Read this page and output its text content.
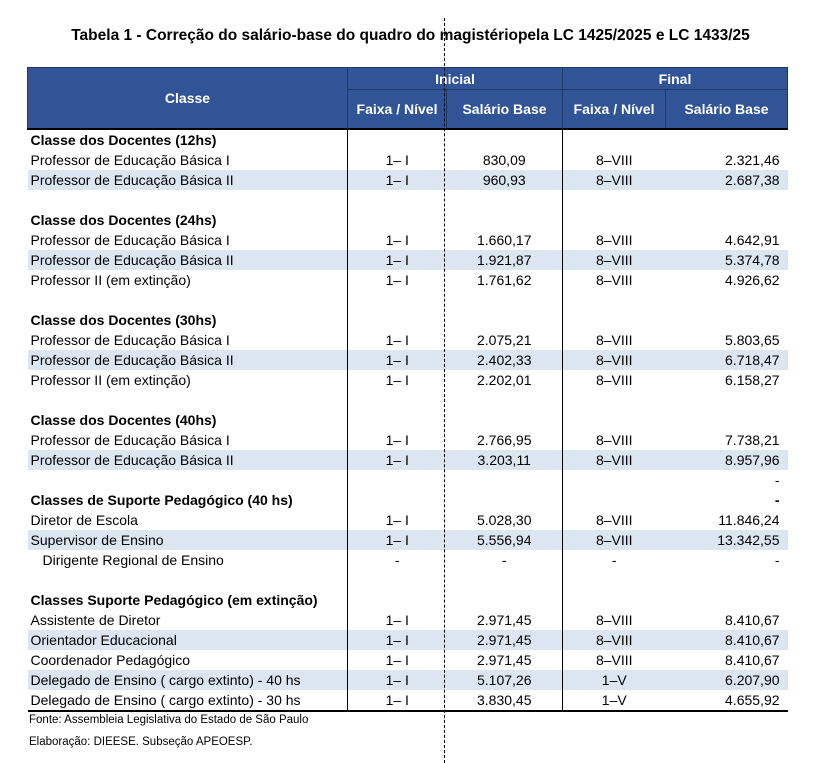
Tabela 1 - Correção do salário-base do quadro do magistériopela LC 1425/2025 e LC 1433/25
Classe	Inicial		Final	
	Faixa / Nível	Salário Base	Faixa / Nível	Salário Base
Classe dos Docentes (12hs)				
Professor de Educação Básica I	1– I	830,09	8–VIII	2.321,46
Professor de Educação Básica II	1– I	960,93	8–VIII	2.687,38

Classe dos Docentes (24hs)				
Professor de Educação Básica I	1– I	1.660,17	8–VIII	4.642,91
Professor de Educação Básica II	1– I	1.921,87	8–VIII	5.374,78
Professor II (em extinção)	1– I	1.761,62	8–VIII	4.926,62

Classe dos Docentes (30hs)				
Professor de Educação Básica I	1– I	2.075,21	8–VIII	5.803,65
Professor de Educação Básica II	1– I	2.402,33	8–VIII	6.718,47
Professor II (em extinção)	1– I	2.202,01	8–VIII	6.158,27

Classe dos Docentes (40hs)				
Professor de Educação Básica I	1– I	2.766,95	8–VIII	7.738,21
Professor de Educação Básica II	1– I	3.203,11	8–VIII	8.957,96
				-
Classes de Suporte Pedagógico (40 hs)				-
Diretor de Escola	1– I	5.028,30	8–VIII	11.846,24
Supervisor de Ensino	1– I	5.556,94	8–VIII	13.342,55
Dirigente Regional de Ensino	-	-	-	-

Classes Suporte Pedagógico (em extinção)				
Assistente de Diretor	1– I	2.971,45	8–VIII	8.410,67
Orientador Educacional	1– I	2.971,45	8–VIII	8.410,67
Coordenador Pedagógico	1– I	2.971,45	8–VIII	8.410,67
Delegado de Ensino ( cargo extinto) - 40 hs	1– I	5.107,26	1–V	6.207,90
Delegado de Ensino ( cargo extinto) - 30 hs	1– I	3.830,45	1–V	4.655,92
Fonte: Assembleia Legislativa do Estado de São Paulo
Elaboração: DIEESE. Subseção APEOESP.
